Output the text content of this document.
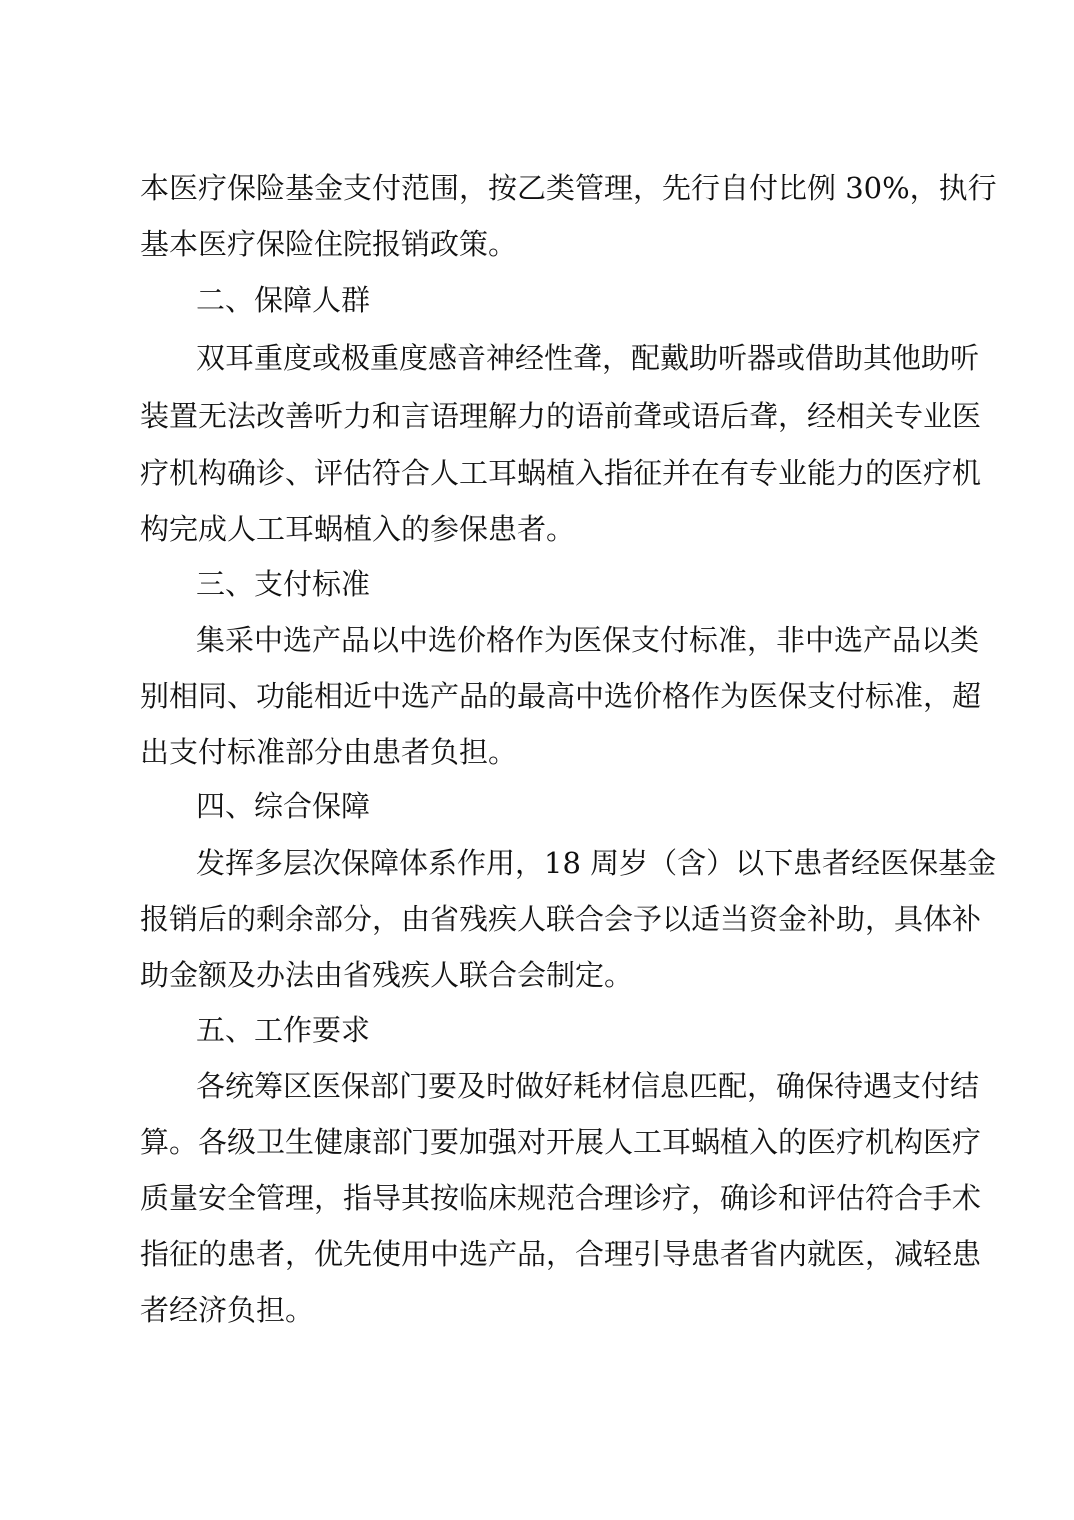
本医疗保险基金支付范围，按乙类管理，先行自付比例 30%，执行
基本医疗保险住院报销政策。
二、保障人群
双耳重度或极重度感音神经性聋，配戴助听器或借助其他助听
装置无法改善听力和言语理解力的语前聋或语后聋，经相关专业医
疗机构确诊、评估符合人工耳蜗植入指征并在有专业能力的医疗机
构完成人工耳蜗植入的参保患者。
三、支付标准
集采中选产品以中选价格作为医保支付标准，非中选产品以类
别相同、功能相近中选产品的最高中选价格作为医保支付标准，超
出支付标准部分由患者负担。
四、综合保障
发挥多层次保障体系作用，18 周岁（含）以下患者经医保基金
报销后的剩余部分，由省残疾人联合会予以适当资金补助，具体补
助金额及办法由省残疾人联合会制定。
五、工作要求
各统筹区医保部门要及时做好耗材信息匹配，确保待遇支付结
算。各级卫生健康部门要加强对开展人工耳蜗植入的医疗机构医疗
质量安全管理，指导其按临床规范合理诊疗，确诊和评估符合手术
指征的患者，优先使用中选产品，合理引导患者省内就医，减轻患
者经济负担。
